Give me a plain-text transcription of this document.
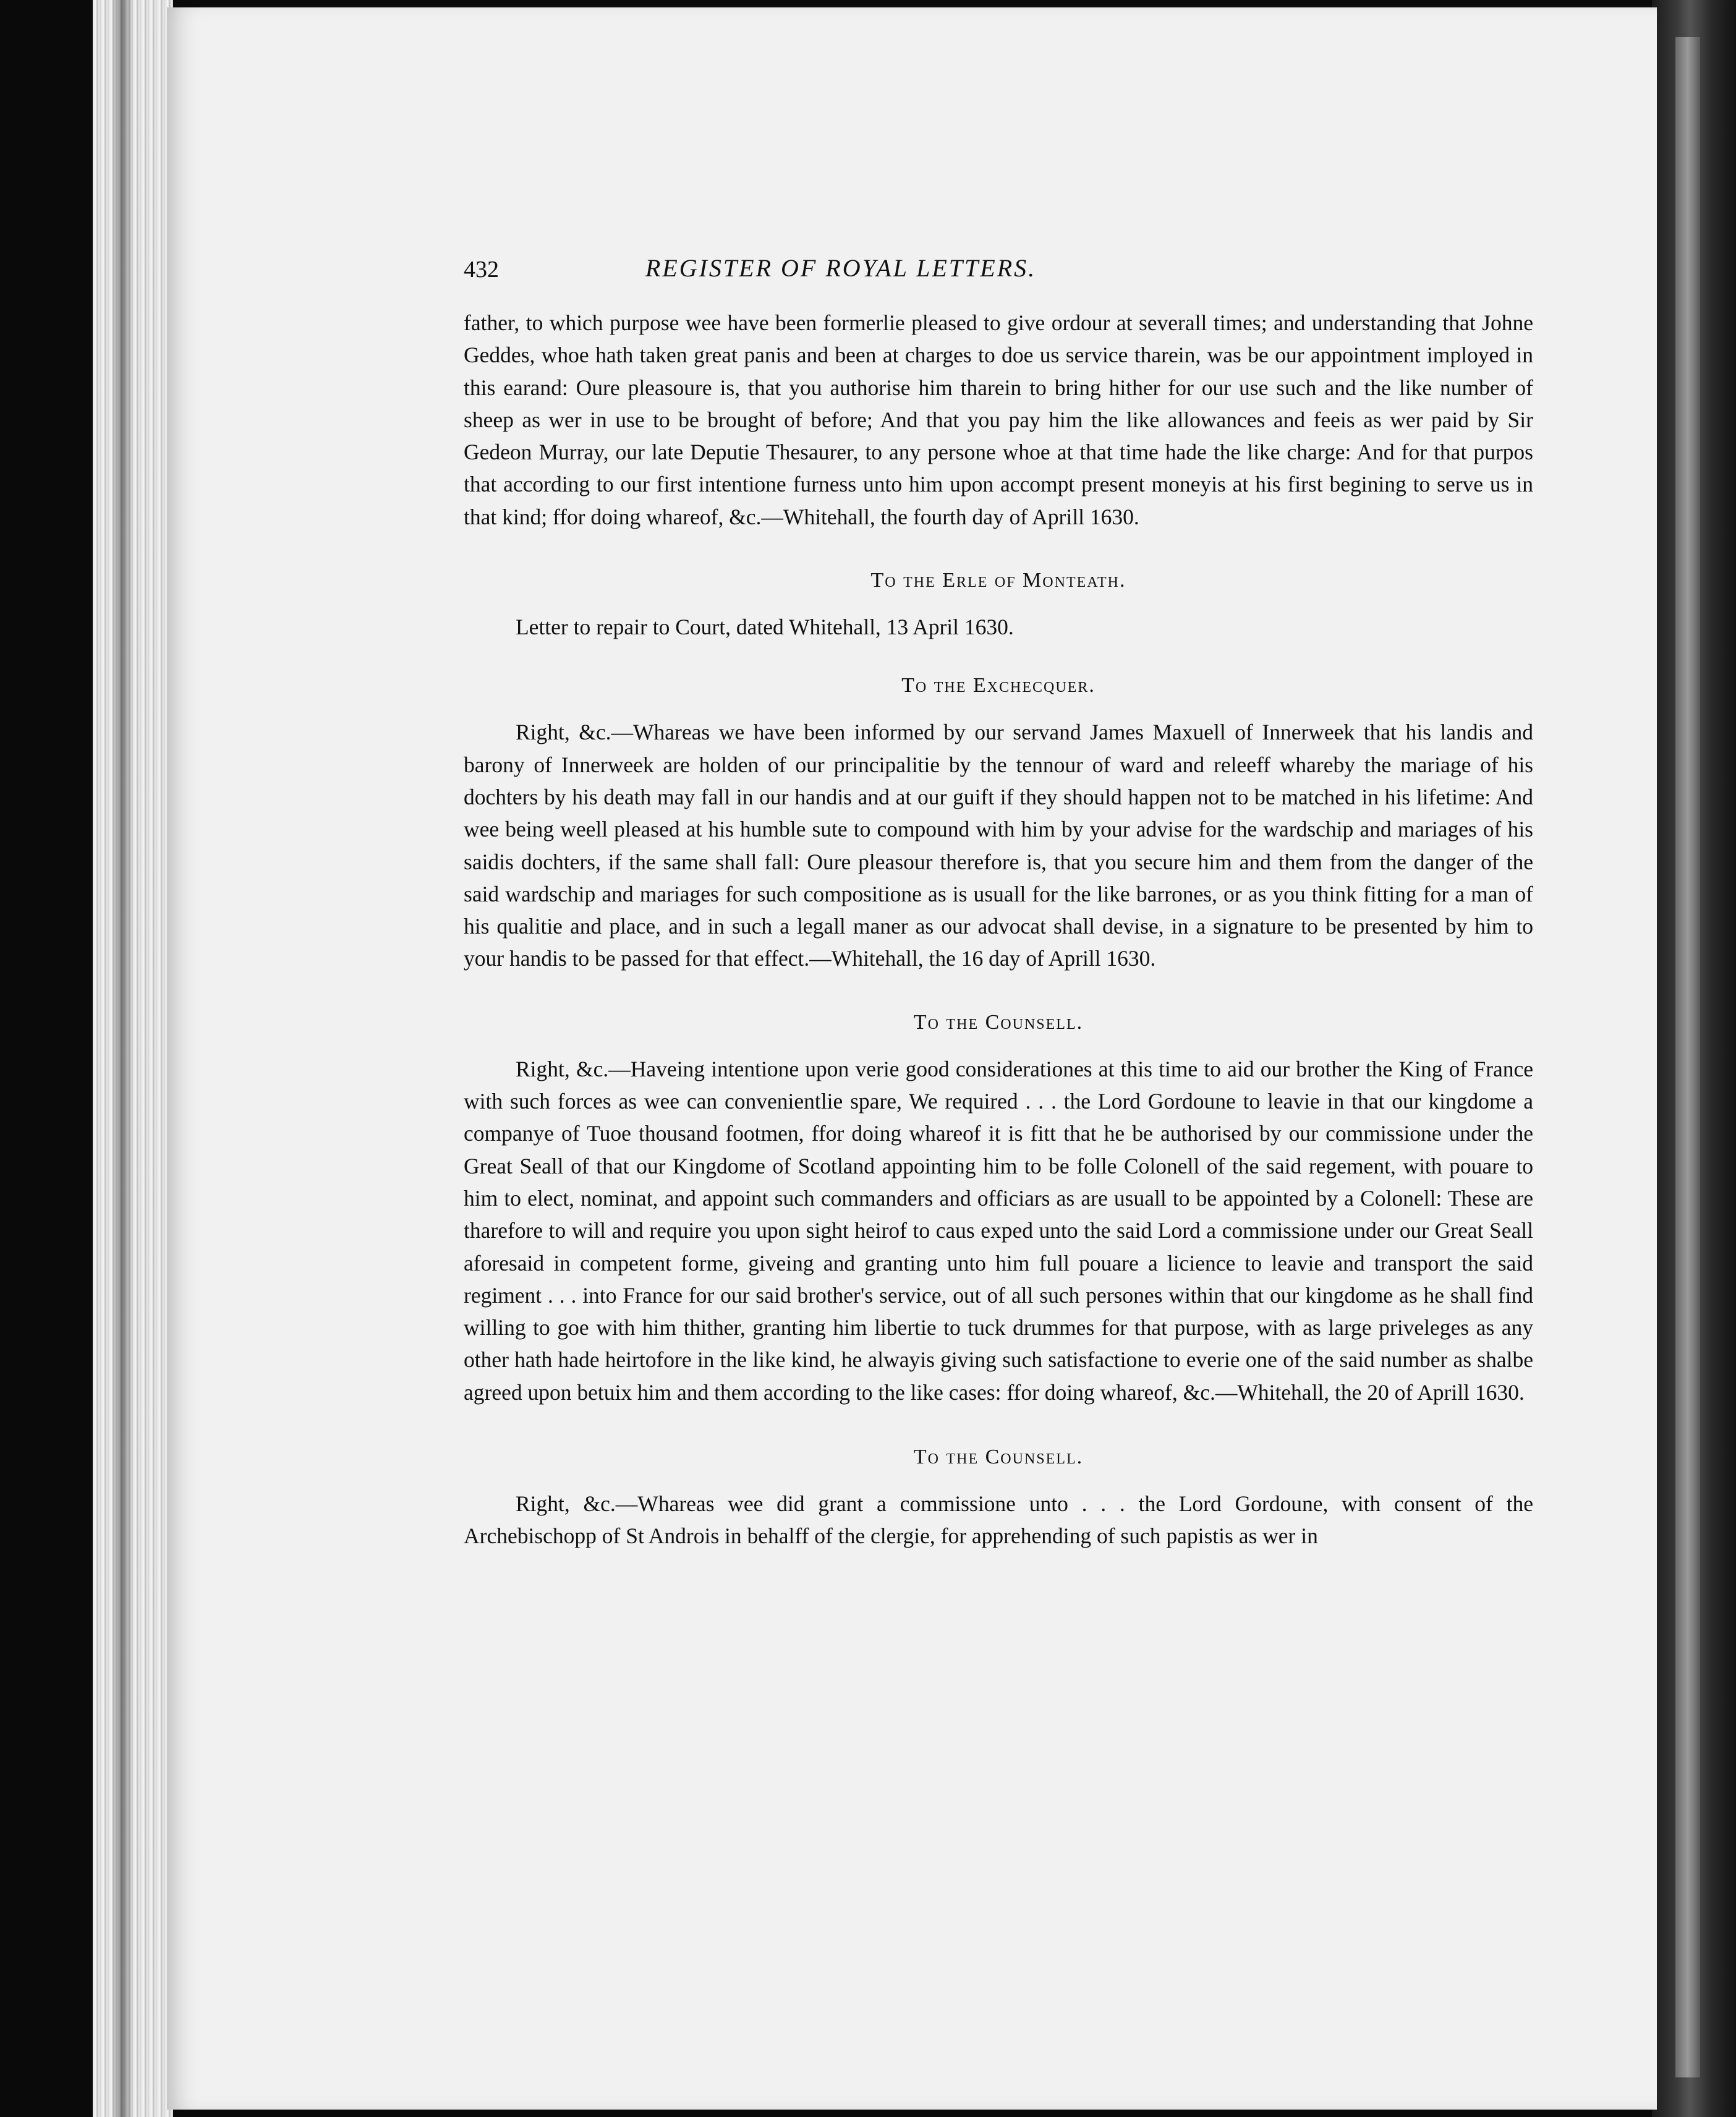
432	REGISTER OF ROYAL LETTERS.

father, to which purpose wee have been formerlie pleased to give ordour at severall times; and understanding that Johne Geddes, whoe hath taken great panis and been at charges to doe us service tharein, was be our appointment imployed in this earand: Oure pleasoure is, that you authorise him tharein to bring hither for our use such and the like number of sheep as wer in use to be brought of before; And that you pay him the like allowances and feeis as wer paid by Sir Gedeon Murray, our late Deputie Thesaurer, to any persone whoe at that time hade the like charge: And for that purpos that according to our first intentione furness unto him upon accompt present moneyis at his first begining to serve us in that kind; ffor doing whareof, &c.—Whitehall, the fourth day of Aprill 1630.

To the Erle of Monteath.

Letter to repair to Court, dated Whitehall, 13 April 1630.

To the Exchecquer.

Right, &c.—Whareas we have been informed by our servand James Maxuell of Innerweek that his landis and barony of Innerweek are holden of our principalitie by the tennour of ward and releeff whareby the mariage of his dochters by his death may fall in our handis and at our guift if they should happen not to be matched in his lifetime: And wee being weell pleased at his humble sute to compound with him by your advise for the wardschip and mariages of his saidis dochters, if the same shall fall: Oure pleasour therefore is, that you secure him and them from the danger of the said wardschip and mariages for such compositione as is usuall for the like barrones, or as you think fitting for a man of his qualitie and place, and in such a legall maner as our advocat shall devise, in a signature to be presented by him to your handis to be passed for that effect.—Whitehall, the 16 day of Aprill 1630.

To the Counsell.

Right, &c.—Haveing intentione upon verie good considerationes at this time to aid our brother the King of France with such forces as wee can convenientlie spare, We required . . . the Lord Gordoune to leavie in that our kingdome a companye of Tuoe thousand footmen, ffor doing whareof it is fitt that he be authorised by our commissione under the Great Seall of that our Kingdome of Scotland appointing him to be folle Colonell of the said regement, with pouare to him to elect, nominat, and appoint such commanders and officiars as are usuall to be appointed by a Colonell: These are tharefore to will and require you upon sight heirof to caus exped unto the said Lord a commissione under our Great Seall aforesaid in competent forme, giveing and granting unto him full pouare a licience to leavie and transport the said regiment . . . into France for our said brother's service, out of all such persones within that our kingdome as he shall find willing to goe with him thither, granting him libertie to tuck drummes for that purpose, with as large priveleges as any other hath hade heirtofore in the like kind, he alwayis giving such satisfactione to everie one of the said number as shalbe agreed upon betuix him and them according to the like cases: ffor doing whareof, &c.—Whitehall, the 20 of Aprill 1630.

To the Counsell.

Right, &c.—Whareas wee did grant a commissione unto . . . the Lord Gordoune, with consent of the Archebischopp of St Androis in behalff of the clergie, for apprehending of such papistis as wer in
